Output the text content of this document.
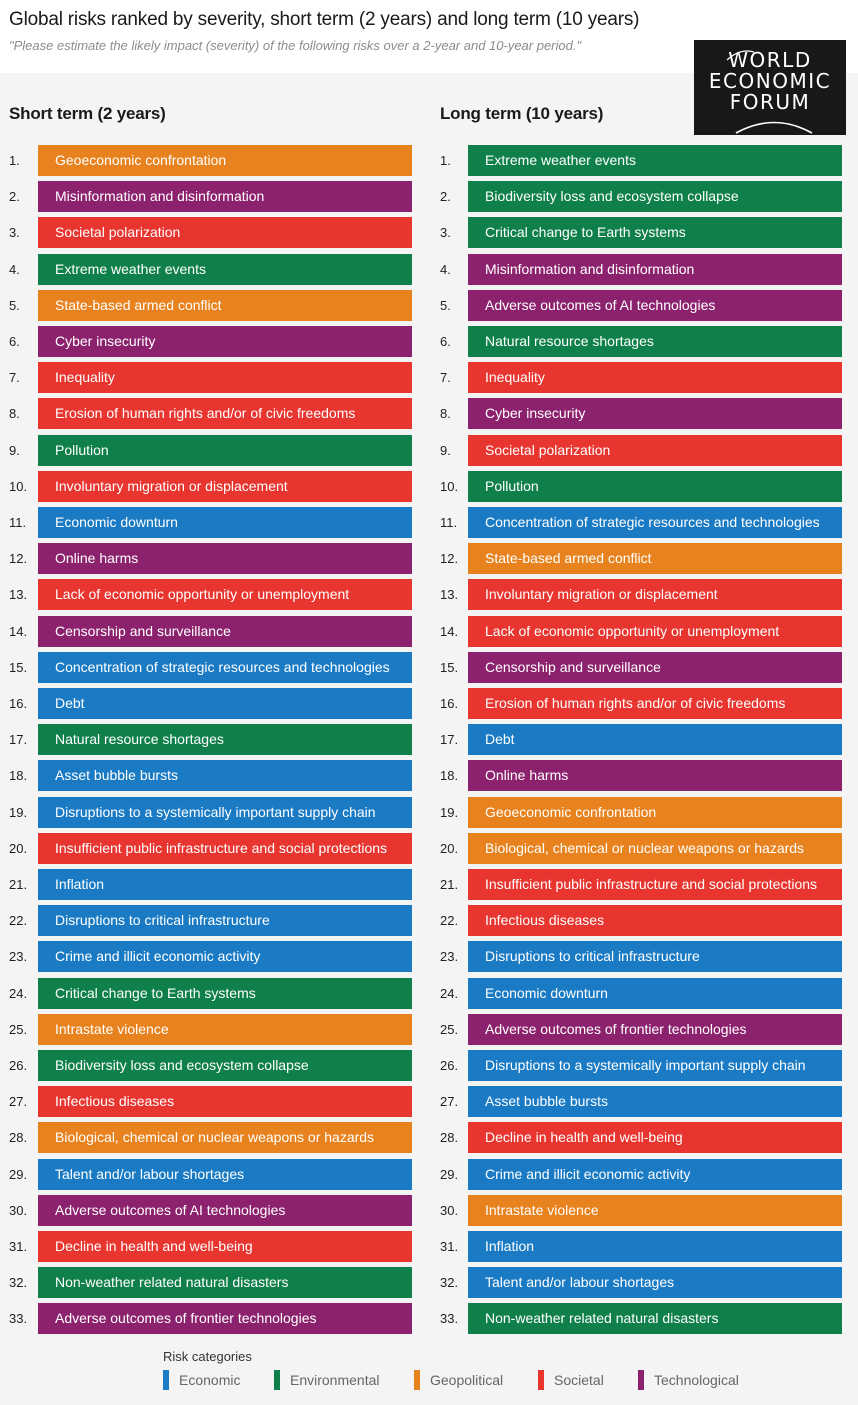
Global risks ranked by severity, short term (2 years) and long term (10 years)
"Please estimate the likely impact (severity) of the following risks over a 2-year and 10-year period."
WORLD
ECONOMIC
FORUM
Short term (2 years)	Long term (10 years)
1.	Geoeconomic confrontation
2.	Misinformation and disinformation
3.	Societal polarization
4.	Extreme weather events
5.	State-based armed conflict
6.	Cyber insecurity
7.	Inequality
8.	Erosion of human rights and/or of civic freedoms
9.	Pollution
10.	Involuntary migration or displacement
11.	Economic downturn
12.	Online harms
13.	Lack of economic opportunity or unemployment
14.	Censorship and surveillance
15.	Concentration of strategic resources and technologies
16.	Debt
17.	Natural resource shortages
18.	Asset bubble bursts
19.	Disruptions to a systemically important supply chain
20.	Insufficient public infrastructure and social protections
21.	Inflation
22.	Disruptions to critical infrastructure
23.	Crime and illicit economic activity
24.	Critical change to Earth systems
25.	Intrastate violence
26.	Biodiversity loss and ecosystem collapse
27.	Infectious diseases
28.	Biological, chemical or nuclear weapons or hazards
29.	Talent and/or labour shortages
30.	Adverse outcomes of AI technologies
31.	Decline in health and well-being
32.	Non-weather related natural disasters
33.	Adverse outcomes of frontier technologies
1.	Extreme weather events
2.	Biodiversity loss and ecosystem collapse
3.	Critical change to Earth systems
4.	Misinformation and disinformation
5.	Adverse outcomes of AI technologies
6.	Natural resource shortages
7.	Inequality
8.	Cyber insecurity
9.	Societal polarization
10.	Pollution
11.	Concentration of strategic resources and technologies
12.	State-based armed conflict
13.	Involuntary migration or displacement
14.	Lack of economic opportunity or unemployment
15.	Censorship and surveillance
16.	Erosion of human rights and/or of civic freedoms
17.	Debt
18.	Online harms
19.	Geoeconomic confrontation
20.	Biological, chemical or nuclear weapons or hazards
21.	Insufficient public infrastructure and social protections
22.	Infectious diseases
23.	Disruptions to critical infrastructure
24.	Economic downturn
25.	Adverse outcomes of frontier technologies
26.	Disruptions to a systemically important supply chain
27.	Asset bubble bursts
28.	Decline in health and well-being
29.	Crime and illicit economic activity
30.	Intrastate violence
31.	Inflation
32.	Talent and/or labour shortages
33.	Non-weather related natural disasters
Risk categories
Economic	Environmental	Geopolitical	Societal	Technological
